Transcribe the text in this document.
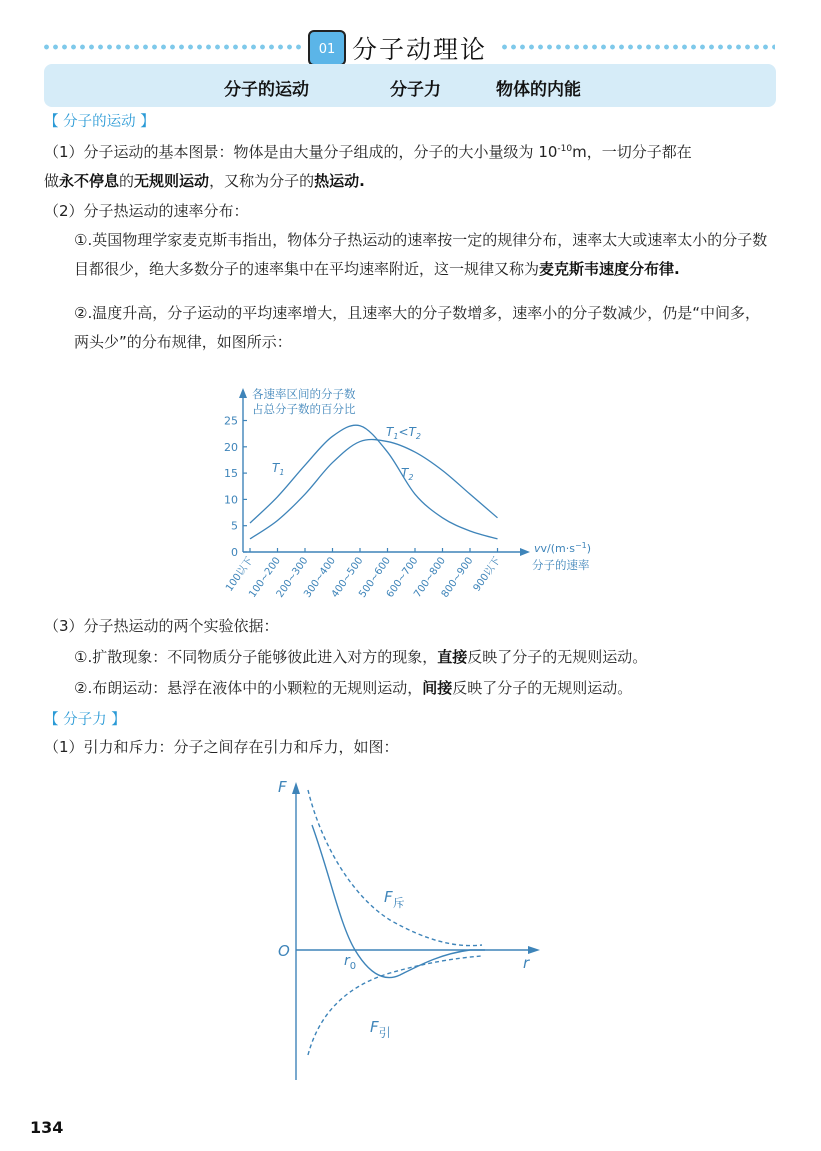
01 分子动理论
分子的运动	分子力	物体的内能
【 分子的运动 】
（1）分子运动的基本图景：物体是由大量分子组成的，分子的大小量级为 $10^{-10}m$，一切分子都在
做永不停息的无规则运动，又称为分子的热运动.
（2）分子热运动的速率分布：
①.英国物理学家麦克斯韦指出，物体分子热运动的速率按一定的规律分布，速率太大或速率太小的分子数目都很少，绝大多数分子的速率集中在平均速率附近，这一规律又称为麦克斯韦速度分布律.
②.温度升高，分子运动的平均速率增大，且速率大的分子数增多，速率小的分子数减少，仍是“中间多，两头少”的分布规律，如图所示：
各速率区间的分子数
占总分子数的百分比
0
5
10
15
20
25
100以下
100~200
200~300
300~400
400~500
500~600
600~700
700~800
800~900
900以下
$T_1<T_2$
$T_1$	$T_2$
$vv/(m\cdot s^{-1})$
分子的速率
（3）分子热运动的两个实验依据：
①.扩散现象：不同物质分子能够彼此进入对方的现象，直接反映了分子的无规则运动。
②.布朗运动：悬浮在液体中的小颗粒的无规则运动，间接反映了分子的无规则运动。
【 分子力 】
（1）引力和斥力：分子之间存在引力和斥力，如图：
F
O
r
$r_0$
$F_斥$
$F_引$
134
